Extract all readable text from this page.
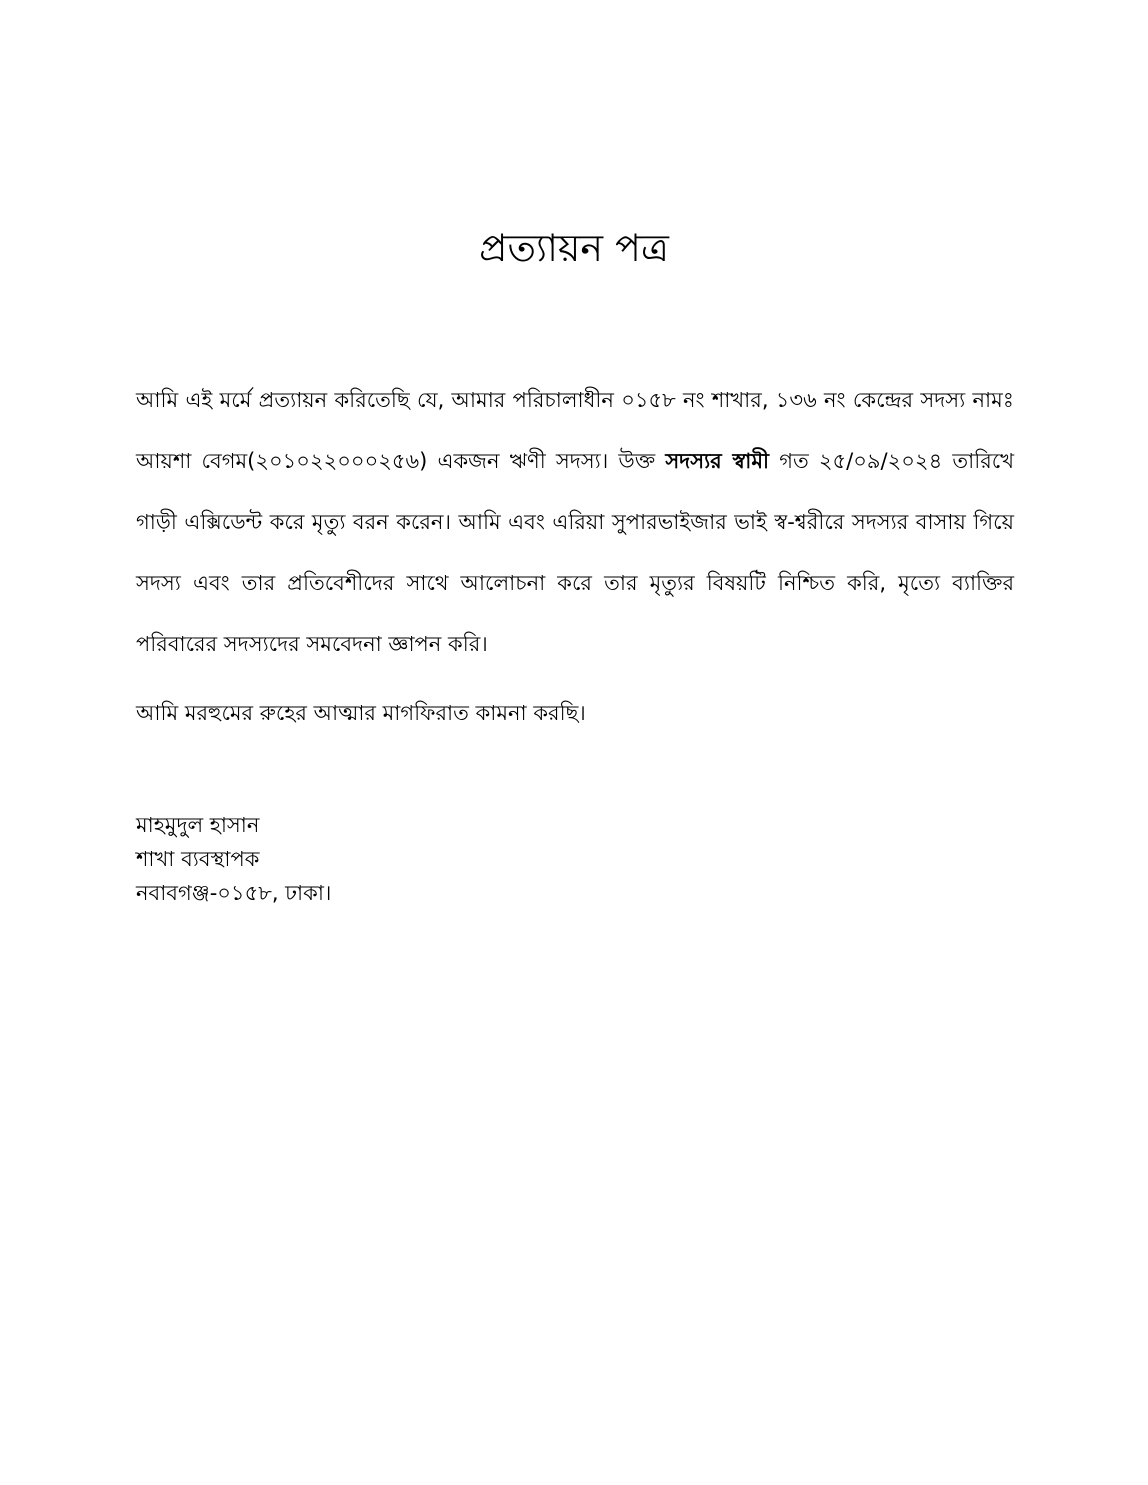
প্রত্যায়ন পত্র

আমি এই মর্মে প্রত্যায়ন করিতেছি যে, আমার পরিচালাধীন ০১৫৮ নং শাখার, ১৩৬ নং কেন্দ্রের সদস্য নামঃ আয়শা বেগম(২০১০২২০০০২৫৬) একজন ঋণী সদস্য। উক্ত সদস্যর স্বামী গত ২৫/০৯/২০২৪ তারিখে গাড়ী এক্সিডেন্ট করে মৃত্যু বরন করেন। আমি এবং এরিয়া সুপারভাইজার ভাই স্ব-শ্বরীরে সদস্যর বাসায় গিয়ে সদস্য এবং তার প্রতিবেশীদের সাথে আলোচনা করে তার মৃত্যুর বিষয়টি নিশ্চিত করি, মৃত্যে ব্যাক্তির পরিবারের সদস্যদের সমবেদনা জ্ঞাপন করি।

আমি মরহুমের রুহের আত্মার মাগফিরাত কামনা করছি।

মাহমুদুল হাসান
শাখা ব্যবস্থাপক
নবাবগঞ্জ-০১৫৮, ঢাকা।
